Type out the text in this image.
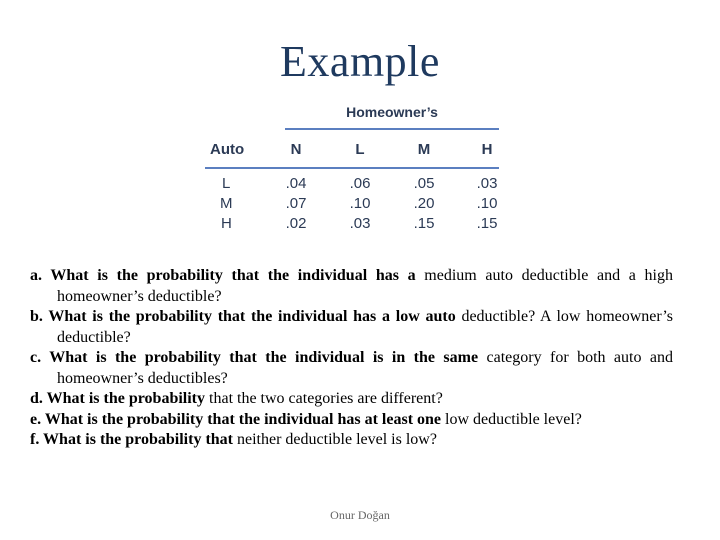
Example
Homeowner’s
Auto	N	L	M	H
L	.04	.06	.05	.03
M	.07	.10	.20	.10
H	.02	.03	.15	.15

a. What is the probability that the individual has a medium auto deductible and a high homeowner’s deductible?

b. What is the probability that the individual has a low auto deductible? A low homeowner’s deductible?

c. What is the probability that the individual is in the same category for both auto and homeowner’s deductibles?

d. What is the probability that the two categories are different?

e. What is the probability that the individual has at least one low deductible level?

f. What is the probability that neither deductible level is low?

Onur Doğan
